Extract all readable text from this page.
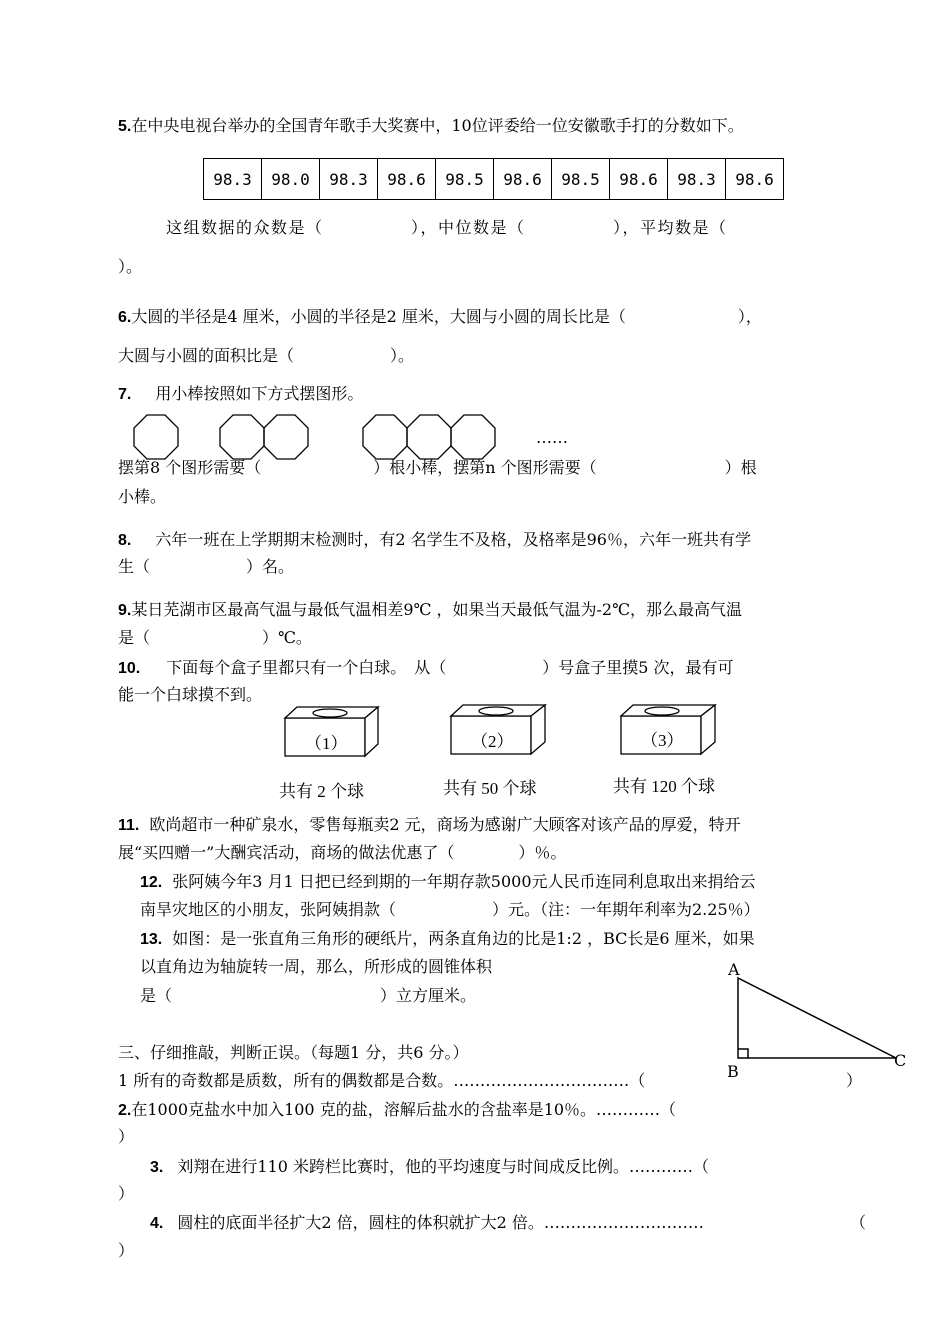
5.在中央电视台举办的全国青年歌手大奖赛中，10位评委给一位安徽歌手打的分数如下。
98.3	98.0	98.3	98.6	98.5	98.6	98.5	98.6	98.3	98.6
这组数据的众数是（　　　　　），中位数是（　　　　　），平均数是（
）。
6.大圆的半径是4 厘米，小圆的半径是2 厘米，大圆与小圆的周长比是（　　　　　　　），
大圆与小圆的面积比是（　　　　　　）。
7. 用小棒按照如下方式摆图形。
……
摆第8 个图形需要（　　　　　　　）根小棒，摆第n 个图形需要（　　　　　　　　）根
小棒。
8. 六年一班在上学期期末检测时，有2 名学生不及格，及格率是96％，六年一班共有学
生（　　　　　　）名。
9.某日芜湖市区最高气温与最低气温相差9℃ ，如果当天最低气温为-2℃，那么最高气温
是（　　　　　　　）℃。
10. 下面每个盒子里都只有一个白球。　从（　　　　　　）号盒子里摸5 次，最有可
能一个白球摸不到。
（1）	（2）	（3）
共有 2 个球	共有 50 个球	共有 120 个球
11. 欧尚超市一种矿泉水，零售每瓶卖2 元，商场为感谢广大顾客对该产品的厚爱，特开
展“买四赠一”大酬宾活动，商场的做法优惠了（　　　　）％。
12. 张阿姨今年3 月1 日把已经到期的一年期存款5000元人民币连同利息取出来捐给云
南旱灾地区的小朋友，张阿姨捐款（　　　　　　）元。（注：一年期年利率为2.25％）
13. 如图：是一张直角三角形的硬纸片，两条直角边的比是1:2 ，BC长是6 厘米，如果
以直角边为轴旋转一周，那么，所形成的圆锥体积
是（　　　　　　　　　　　　　）立方厘米。
A
B
C
三、仔细推敲，判断正误。（每题1 分，共6 分。）
1 所有的奇数都是质数，所有的偶数都是合数。……………………………（	）
2.在1000克盐水中加入100 克的盐，溶解后盐水的含盐率是10％。…………（
）
3. 刘翔在进行110 米跨栏比赛时，他的平均速度与时间成反比例。…………（
）
4. 圆柱的底面半径扩大2 倍，圆柱的体积就扩大2 倍。…………………………	（
）
